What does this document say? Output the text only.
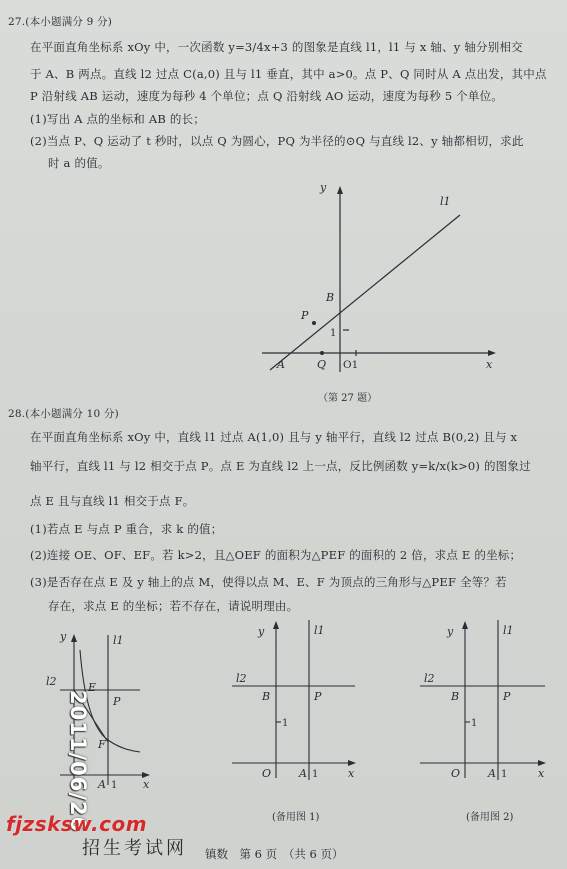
27.(本小题满分 9 分)
在平面直角坐标系 xOy 中，一次函数 y=3/4x+3 的图象是直线 l1，l1 与 x 轴、y 轴分别相交
于 A、B 两点。直线 l2 过点 C(a,0) 且与 l1 垂直，其中 a>0。点 P、Q 同时从 A 点出发，其中点
P 沿射线 AB 运动，速度为每秒 4 个单位；点 Q 沿射线 AO 运动，速度为每秒 5 个单位。
(1)写出 A 点的坐标和 AB 的长；
(2)当点 P、Q 运动了 t 秒时，以点 Q 为圆心，PQ 为半径的⊙Q 与直线 l2、y 轴都相切，求此
时 a 的值。
y
x
l1
B
P
1
A	Q O1
（第 27 题）
28.(本小题满分 10 分)
在平面直角坐标系 xOy 中，直线 l1 过点 A(1,0) 且与 y 轴平行，直线 l2 过点 B(0,2) 且与 x
轴平行，直线 l1 与 l2 相交于点 P。点 E 为直线 l2 上一点，反比例函数 y=k/x(k>0) 的图象过
点 E 且与直线 l1 相交于点 F。
(1)若点 E 与点 P 重合，求 k 的值；
(2)连接 OE、OF、EF。若 k>2，且△OEF 的面积为△PEF 的面积的 2 倍，求点 E 的坐标；
(3)是否存在点 E 及 y 轴上的点 M，使得以点 M、E、F 为顶点的三角形与△PEF 全等？若
存在，求点 E 的坐标；若不存在，请说明理由。
y	l1
l2	E
P
F
A 1 x
y	l1
l2
B	P
1
O	A 1	x
(备用图 1)
y	l1
l2
B	P
1
O	A 1	x
(备用图 2)
2011/06/26
fjzsksw.com
招生考试网 镇数　第 6 页　（共 6 页）
